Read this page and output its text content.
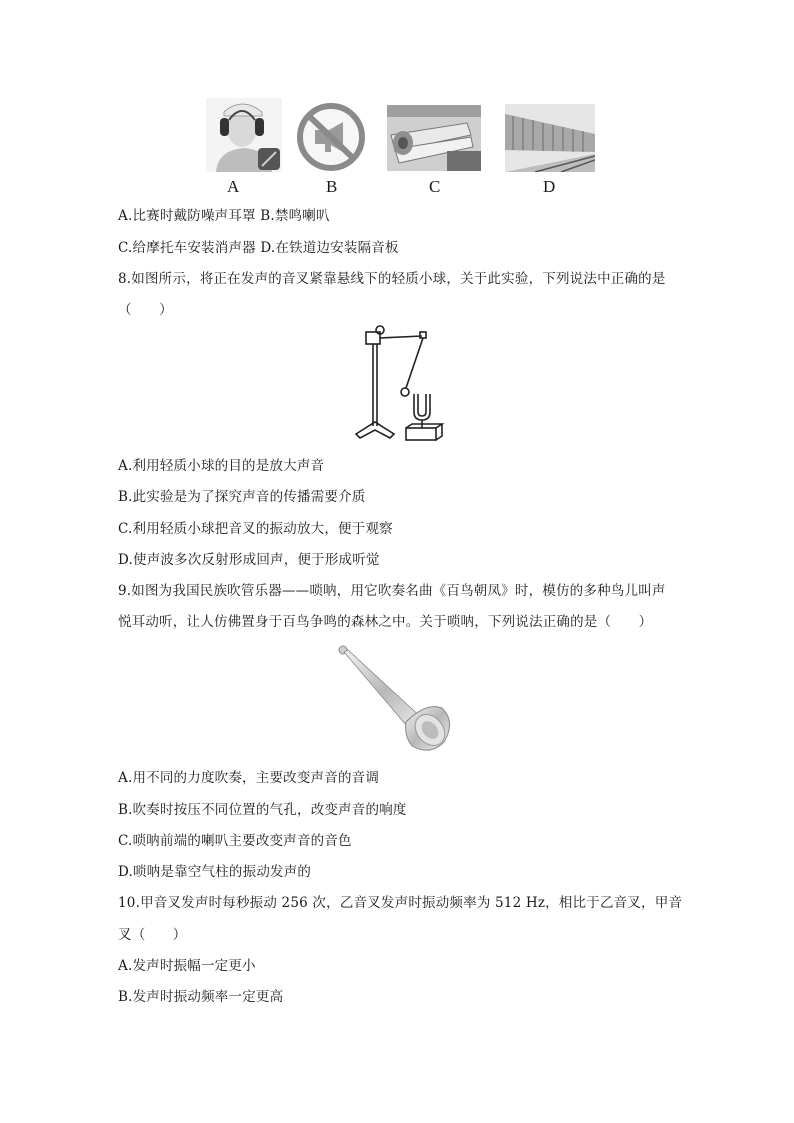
A	B	C	D
A.比赛时戴防噪声耳罩 B.禁鸣喇叭
C.给摩托车安装消声器 D.在铁道边安装隔音板
8.如图所示，将正在发声的音叉紧靠悬线下的轻质小球，关于此实验，下列说法中正确的是
（　　）
A.利用轻质小球的目的是放大声音
B.此实验是为了探究声音的传播需要介质
C.利用轻质小球把音叉的振动放大，便于观察
D.使声波多次反射形成回声，便于形成听觉
9.如图为我国民族吹管乐器——唢呐，用它吹奏名曲《百鸟朝凤》时，模仿的多种鸟儿叫声
悦耳动听，让人仿佛置身于百鸟争鸣的森林之中。关于唢呐，下列说法正确的是（　　）
A.用不同的力度吹奏，主要改变声音的音调
B.吹奏时按压不同位置的气孔，改变声音的响度
C.唢呐前端的喇叭主要改变声音的音色
D.唢呐是靠空气柱的振动发声的
10.甲音叉发声时每秒振动 256 次，乙音叉发声时振动频率为 512 Hz，相比于乙音叉，甲音
叉（　　）
A.发声时振幅一定更小
B.发声时振动频率一定更高
